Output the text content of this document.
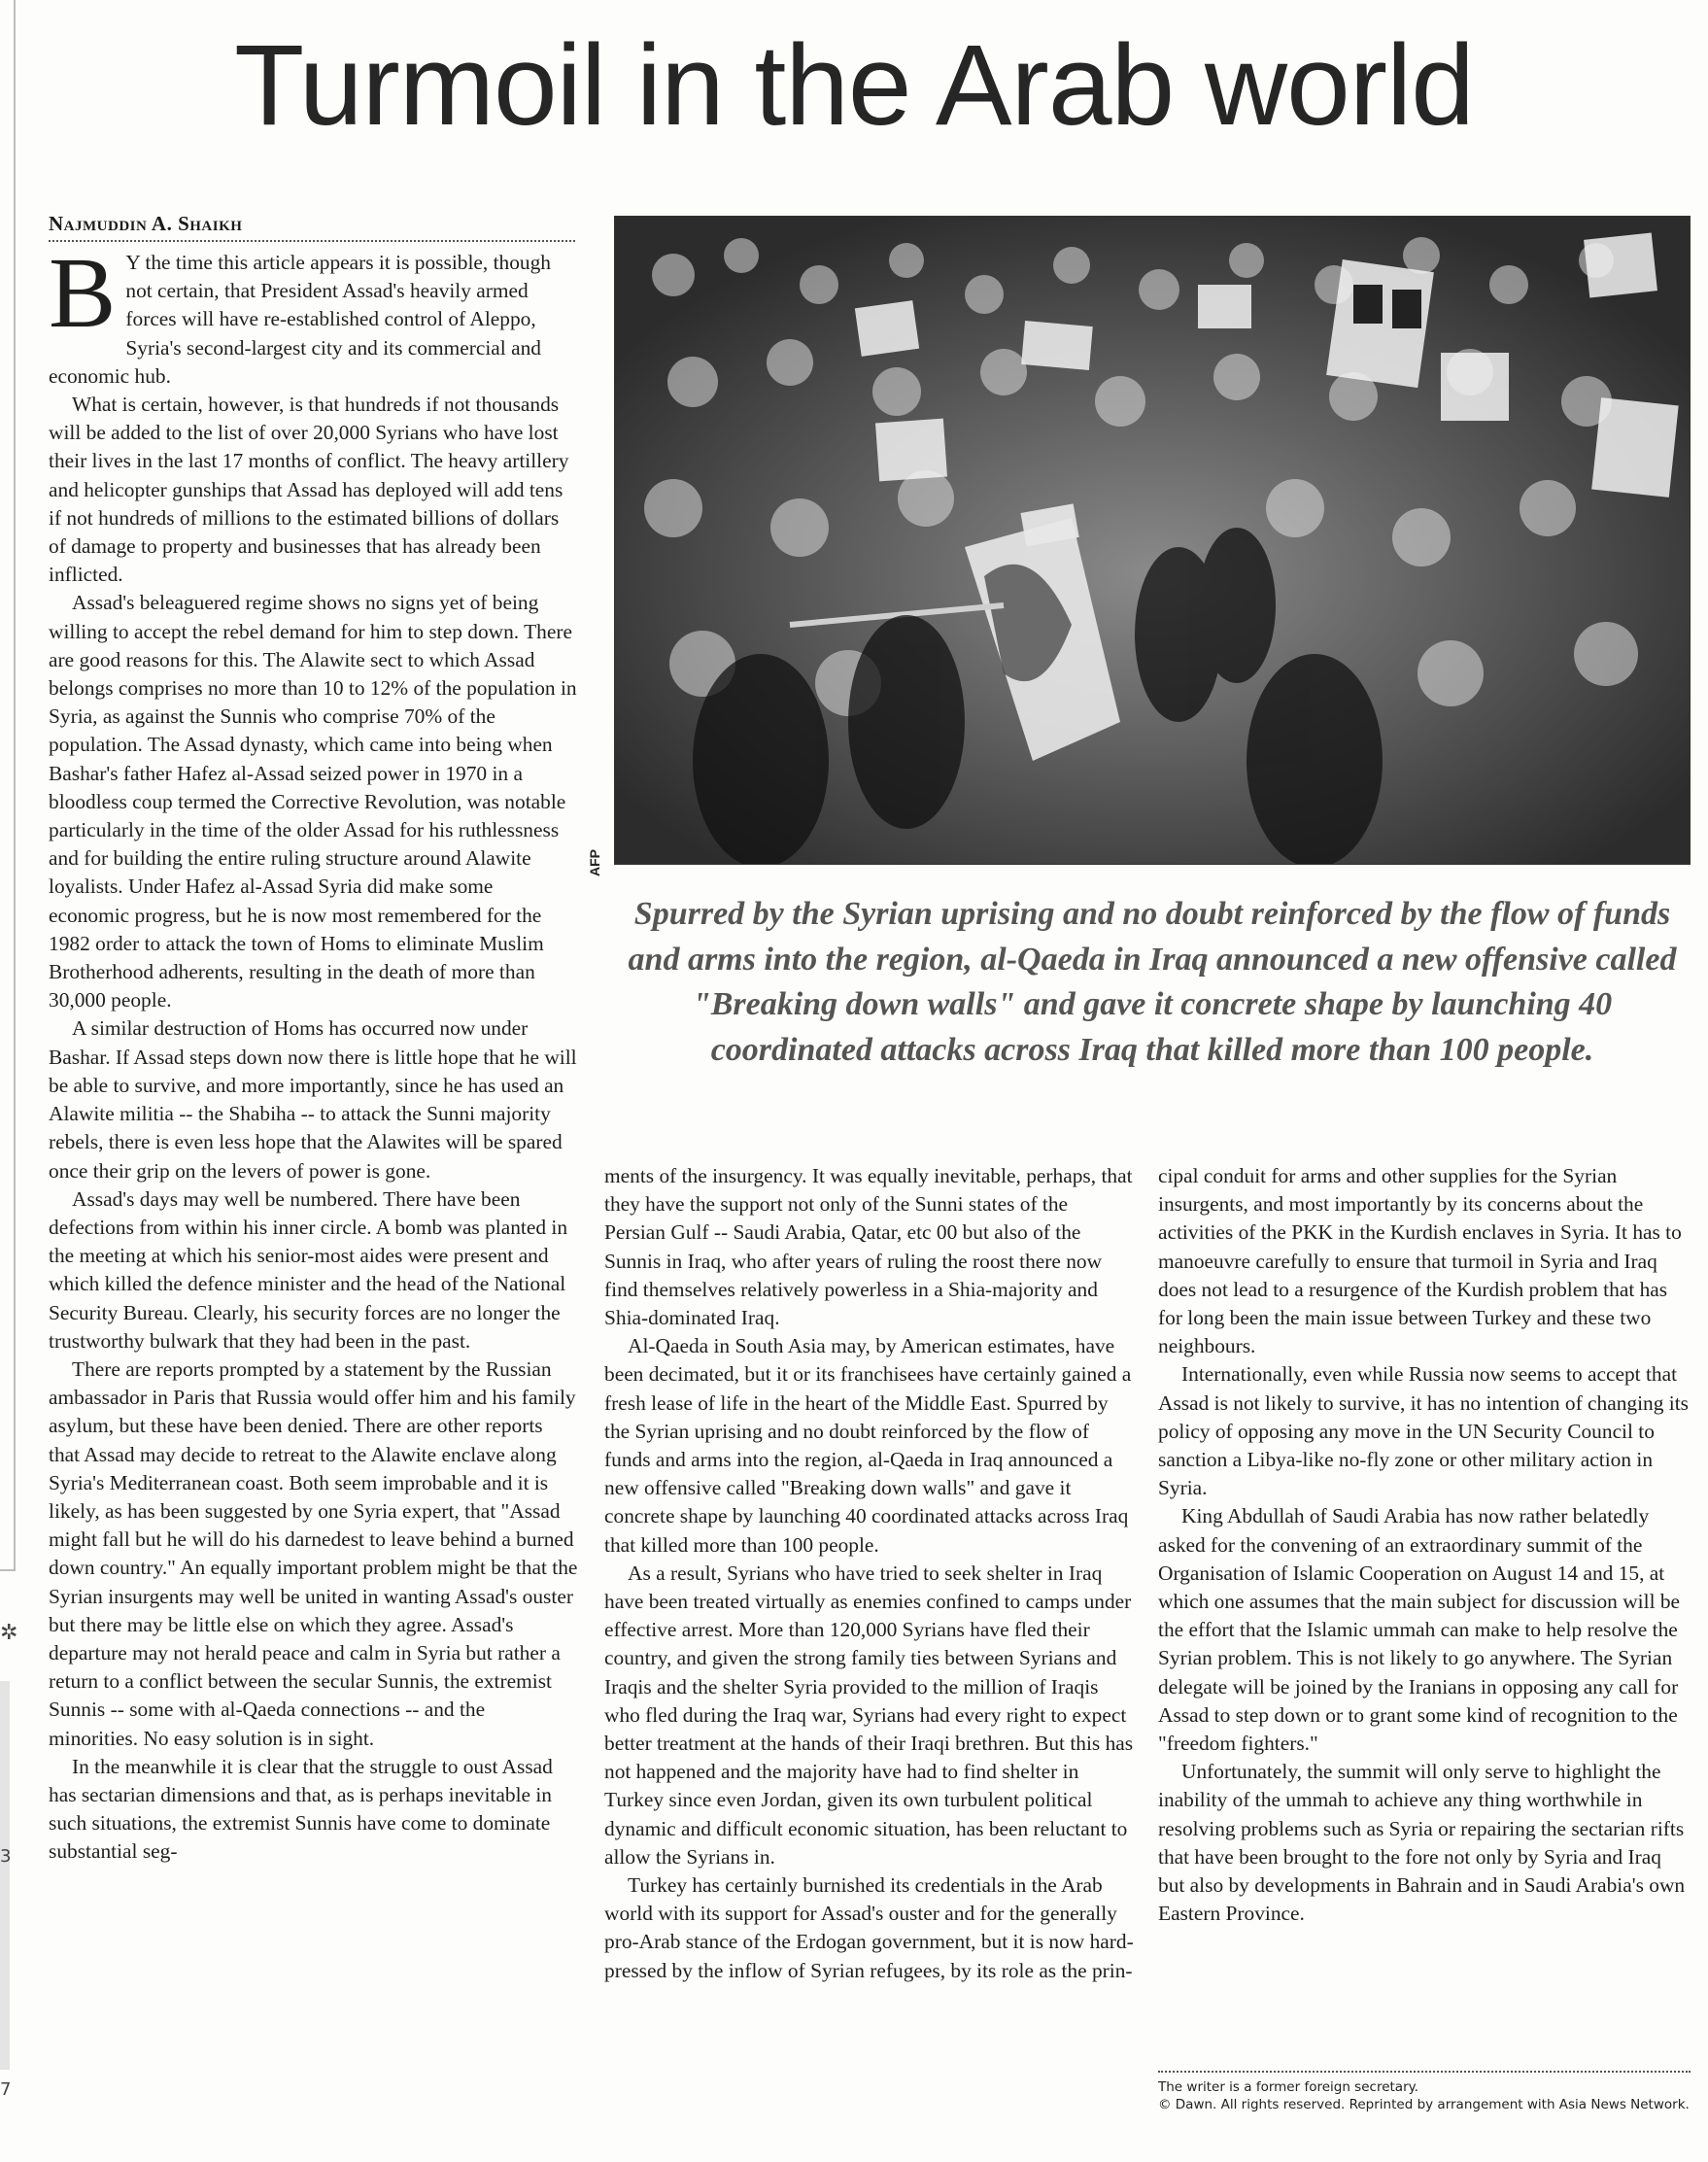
✲
3
7
Turmoil in the Arab world
Najmuddin A. Shaikh

B Y the time this article appears it is possible, though not certain, that President Assad's heavily armed forces will have re-established control of Aleppo, Syria's second-largest city and its commercial and economic hub.

What is certain, however, is that hundreds if not thousands will be added to the list of over 20,000 Syrians who have lost their lives in the last 17 months of conflict. The heavy artillery and helicopter gunships that Assad has deployed will add tens if not hundreds of millions to the estimated billions of dollars of damage to property and businesses that has already been inflicted.

Assad's beleaguered regime shows no signs yet of being willing to accept the rebel demand for him to step down. There are good reasons for this. The Alawite sect to which Assad belongs comprises no more than 10 to 12% of the population in Syria, as against the Sunnis who comprise 70% of the population. The Assad dynasty, which came into being when Bashar's father Hafez al-Assad seized power in 1970 in a bloodless coup termed the Corrective Revolution, was notable particularly in the time of the older Assad for his ruthlessness and for building the entire ruling structure around Alawite loyalists. Under Hafez al-Assad Syria did make some economic progress, but he is now most remembered for the 1982 order to attack the town of Homs to eliminate Muslim Brotherhood adherents, resulting in the death of more than 30,000 people.

A similar destruction of Homs has occurred now under Bashar. If Assad steps down now there is little hope that he will be able to survive, and more importantly, since he has used an Alawite militia -- the Shabiha -- to attack the Sunni majority rebels, there is even less hope that the Alawites will be spared once their grip on the levers of power is gone.

Assad's days may well be numbered. There have been defections from within his inner circle. A bomb was planted in the meeting at which his senior-most aides were present and which killed the defence minister and the head of the National Security Bureau. Clearly, his security forces are no longer the trustworthy bulwark that they had been in the past.

There are reports prompted by a statement by the Russian ambassador in Paris that Russia would offer him and his family asylum, but these have been denied. There are other reports that Assad may decide to retreat to the Alawite enclave along Syria's Mediterranean coast. Both seem improbable and it is likely, as has been suggested by one Syria expert, that "Assad might fall but he will do his darnedest to leave behind a burned down country." An equally important problem might be that the Syrian insurgents may well be united in wanting Assad's ouster but there may be little else on which they agree. Assad's departure may not herald peace and calm in Syria but rather a return to a conflict between the secular Sunnis, the extremist Sunnis -- some with al-Qaeda connections -- and the minorities. No easy solution is in sight.

In the meanwhile it is clear that the struggle to oust Assad has sectarian dimensions and that, as is perhaps inevitable in such situations, the extremist Sunnis have come to dominate substantial seg-

AFP
Spurred by the Syrian uprising and no doubt reinforced by the flow of funds and arms into the region, al-Qaeda in Iraq announced a new offensive called "Breaking down walls" and gave it concrete shape by launching 40 coordinated attacks across Iraq that killed more than 100 people.

ments of the insurgency. It was equally inevitable, perhaps, that they have the support not only of the Sunni states of the Persian Gulf -- Saudi Arabia, Qatar, etc 00 but also of the Sunnis in Iraq, who after years of ruling the roost there now find themselves relatively powerless in a Shia-majority and Shia-dominated Iraq.

Al-Qaeda in South Asia may, by American estimates, have been decimated, but it or its franchisees have certainly gained a fresh lease of life in the heart of the Middle East. Spurred by the Syrian uprising and no doubt reinforced by the flow of funds and arms into the region, al-Qaeda in Iraq announced a new offensive called "Breaking down walls" and gave it concrete shape by launching 40 coordinated attacks across Iraq that killed more than 100 people.

As a result, Syrians who have tried to seek shelter in Iraq have been treated virtually as enemies confined to camps under effective arrest. More than 120,000 Syrians have fled their country, and given the strong family ties between Syrians and Iraqis and the shelter Syria provided to the million of Iraqis who fled during the Iraq war, Syrians had every right to expect better treatment at the hands of their Iraqi brethren. But this has not happened and the majority have had to find shelter in Turkey since even Jordan, given its own turbulent political dynamic and difficult economic situation, has been reluctant to allow the Syrians in.

Turkey has certainly burnished its credentials in the Arab world with its support for Assad's ouster and for the generally pro-Arab stance of the Erdogan government, but it is now hard-pressed by the inflow of Syrian refugees, by its role as the prin-

cipal conduit for arms and other supplies for the Syrian insurgents, and most importantly by its concerns about the activities of the PKK in the Kurdish enclaves in Syria. It has to manoeuvre carefully to ensure that turmoil in Syria and Iraq does not lead to a resurgence of the Kurdish problem that has for long been the main issue between Turkey and these two neighbours.

Internationally, even while Russia now seems to accept that Assad is not likely to survive, it has no intention of changing its policy of opposing any move in the UN Security Council to sanction a Libya-like no-fly zone or other military action in Syria.

King Abdullah of Saudi Arabia has now rather belatedly asked for the convening of an extraordinary summit of the Organisation of Islamic Cooperation on August 14 and 15, at which one assumes that the main subject for discussion will be the effort that the Islamic ummah can make to help resolve the Syrian problem. This is not likely to go anywhere. The Syrian delegate will be joined by the Iranians in opposing any call for Assad to step down or to grant some kind of recognition to the "freedom fighters."

Unfortunately, the summit will only serve to highlight the inability of the ummah to achieve any thing worthwhile in resolving problems such as Syria or repairing the sectarian rifts that have been brought to the fore not only by Syria and Iraq but also by developments in Bahrain and in Saudi Arabia's own Eastern Province.

The writer is a former foreign secretary.
© Dawn. All rights reserved. Reprinted by arrangement with Asia News Network.
